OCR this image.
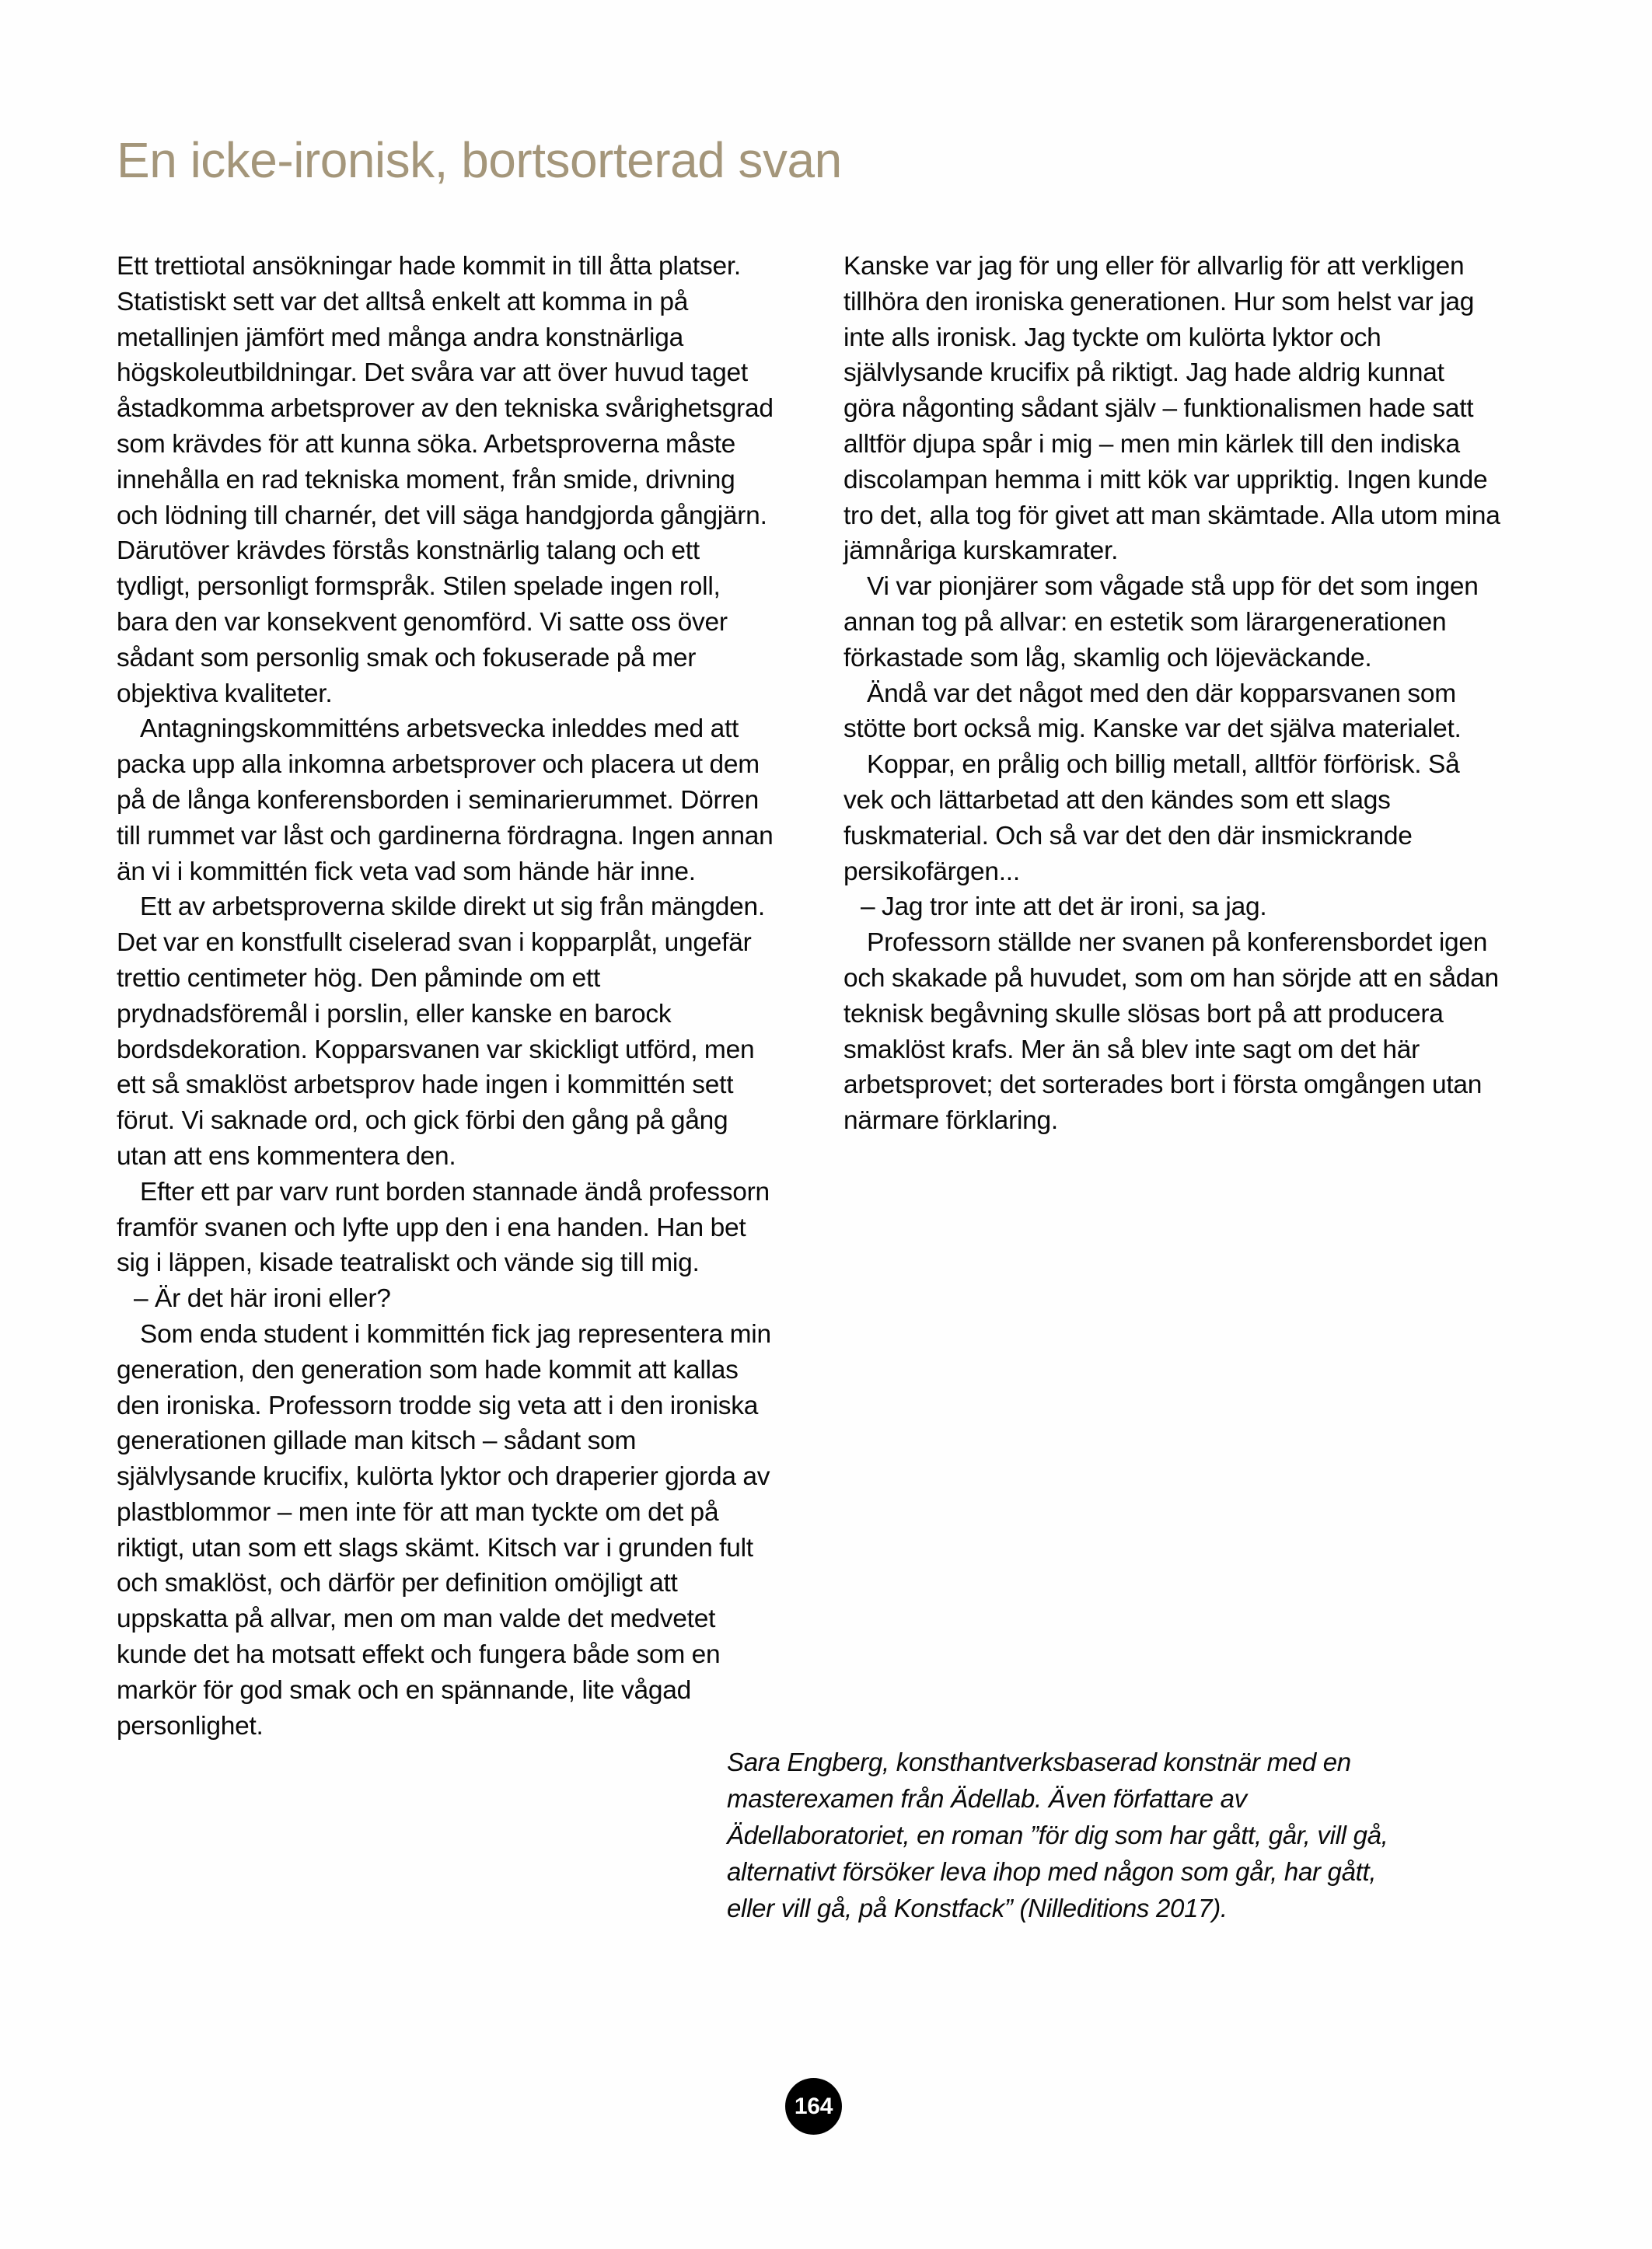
En icke-ironisk, bortsorterad svan

Ett trettiotal ansökningar hade kommit in till åtta platser. Statistiskt sett var det alltså enkelt att komma in på metallinjen jämfört med många andra konstnärliga högskoleutbildningar. Det svåra var att över huvud taget åstadkomma arbetsprover av den tekniska svårighetsgrad som krävdes för att kunna söka. Arbetsproverna måste innehålla en rad tekniska moment, från smide, drivning och lödning till charnér, det vill säga handgjorda gångjärn. Därutöver krävdes förstås konstnärlig talang och ett tydligt, personligt formspråk. Stilen spelade ingen roll, bara den var konsekvent genomförd. Vi satte oss över sådant som personlig smak och fokuserade på mer objektiva kvaliteter.

Antagningskommitténs arbetsvecka inleddes med att packa upp alla inkomna arbetsprover och placera ut dem på de långa konferensborden i seminarierummet. Dörren till rummet var låst och gardinerna fördragna. Ingen annan än vi i kommittén fick veta vad som hände här inne.

Ett av arbetsproverna skilde direkt ut sig från mängden. Det var en konstfullt ciselerad svan i kopparplåt, ungefär trettio centimeter hög. Den påminde om ett prydnadsföremål i porslin, eller kanske en barock bordsdekoration. Kopparsvanen var skickligt utförd, men ett så smaklöst arbetsprov hade ingen i kommittén sett förut. Vi saknade ord, och gick förbi den gång på gång utan att ens kommentera den.

Efter ett par varv runt borden stannade ändå professorn framför svanen och lyfte upp den i ena handen. Han bet sig i läppen, kisade teatraliskt och vände sig till mig.

– Är det här ironi eller?

Som enda student i kommittén fick jag representera min generation, den generation som hade kommit att kallas den ironiska. Professorn trodde sig veta att i den ironiska generationen gillade man kitsch – sådant som självlysande krucifix, kulörta lyktor och draperier gjorda av plastblommor – men inte för att man tyckte om det på riktigt, utan som ett slags skämt. Kitsch var i grunden fult och smaklöst, och därför per definition omöjligt att uppskatta på allvar, men om man valde det medvetet kunde det ha motsatt effekt och fungera både som en markör för god smak och en spännande, lite vågad personlighet.

Kanske var jag för ung eller för allvarlig för att verkligen tillhöra den ironiska generationen. Hur som helst var jag inte alls ironisk. Jag tyckte om kulörta lyktor och självlysande krucifix på riktigt. Jag hade aldrig kunnat göra någonting sådant själv – funktionalismen hade satt alltför djupa spår i mig – men min kärlek till den indiska discolampan hemma i mitt kök var uppriktig. Ingen kunde tro det, alla tog för givet att man skämtade. Alla utom mina jämnåriga kurskamrater.

Vi var pionjärer som vågade stå upp för det som ingen annan tog på allvar: en estetik som lärargenerationen förkastade som låg, skamlig och löjeväckande.

Ändå var det något med den där kopparsvanen som stötte bort också mig. Kanske var det själva materialet.

Koppar, en prålig och billig metall, alltför förförisk. Så vek och lättarbetad att den kändes som ett slags fuskmaterial. Och så var det den där insmickrande persikofärgen...

– Jag tror inte att det är ironi, sa jag.

Professorn ställde ner svanen på konferensbordet igen och skakade på huvudet, som om han sörjde att en sådan teknisk begåvning skulle slösas bort på att producera smaklöst krafs. Mer än så blev inte sagt om det här arbetsprovet; det sorterades bort i första omgången utan närmare förklaring.

Sara Engberg, konsthantverksbaserad konstnär med en masterexamen från Ädellab. Även författare av Ädellaboratoriet, en roman ”för dig som har gått, går, vill gå, alternativt försöker leva ihop med någon som går, har gått, eller vill gå, på Konstfack” (Nilleditions 2017).

164
